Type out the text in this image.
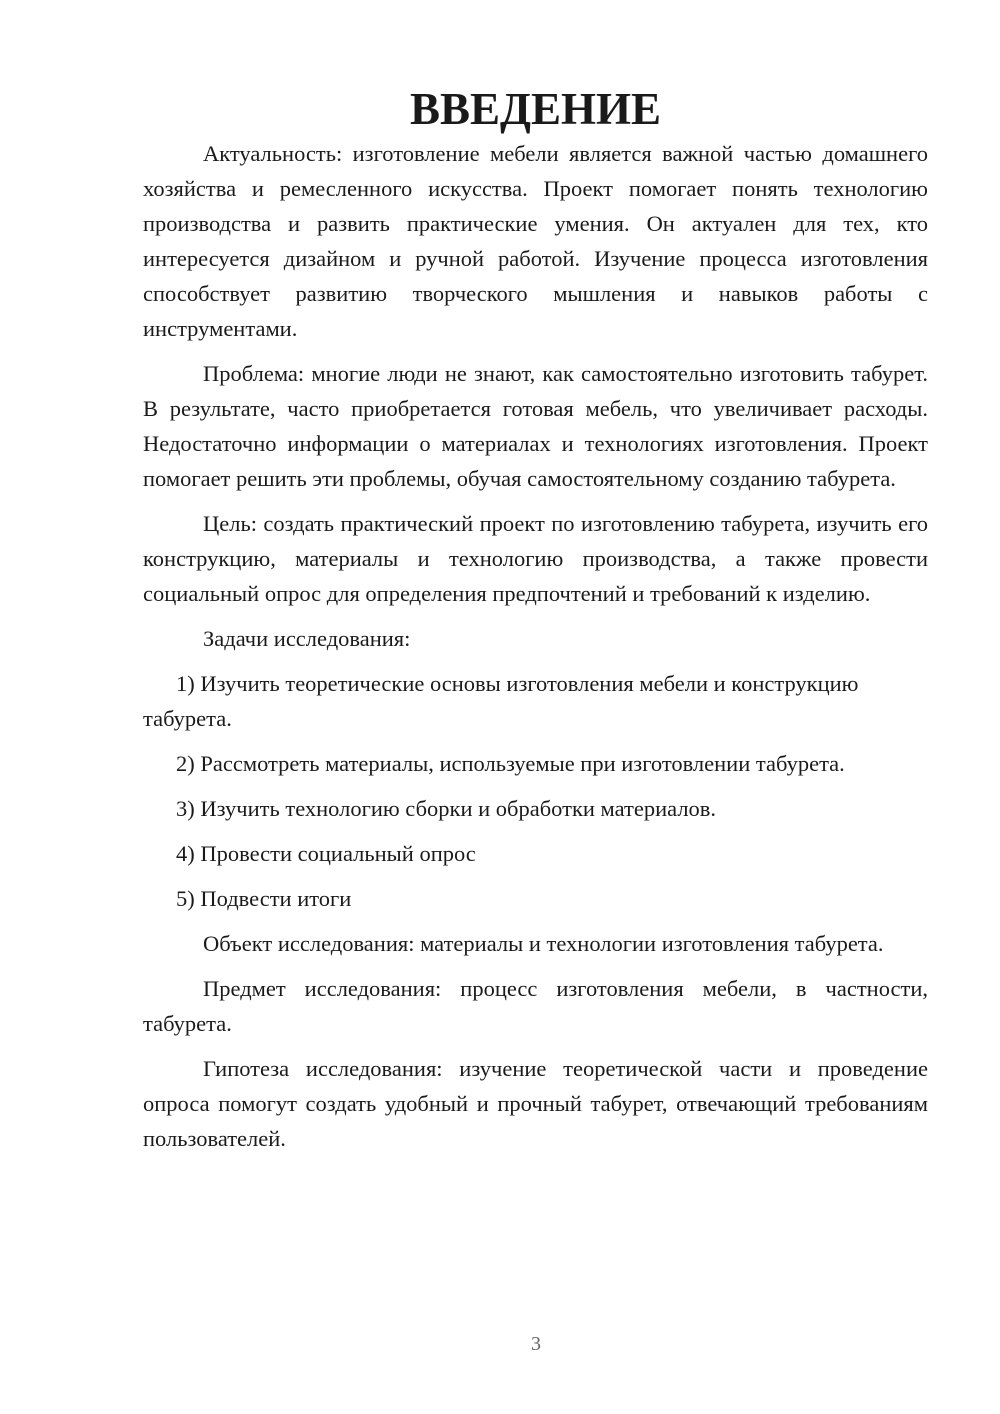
ВВЕДЕНИЕ

Актуальность: изготовление мебели является важной частью домашнего хозяйства и ремесленного искусства. Проект помогает понять технологию производства и развить практические умения. Он актуален для тех, кто интересуется дизайном и ручной работой. Изучение процесса изготовления способствует развитию творческого мышления и навыков работы с инструментами.

Проблема: многие люди не знают, как самостоятельно изготовить табурет. В результате, часто приобретается готовая мебель, что увеличивает расходы. Недостаточно информации о материалах и технологиях изготовления. Проект помогает решить эти проблемы, обучая самостоятельному созданию табурета.

Цель: создать практический проект по изготовлению табурета, изучить его конструкцию, материалы и технологию производства, а также провести социальный опрос для определения предпочтений и требований к изделию.

Задачи исследования:

1) Изучить теоретические основы изготовления мебели и конструкцию табурета.

2) Рассмотреть материалы, используемые при изготовлении табурета.

3) Изучить технологию сборки и обработки материалов.

4) Провести социальный опрос

5) Подвести итоги

Объект исследования: материалы и технологии изготовления табурета.

Предмет исследования: процесс изготовления мебели, в частности, табурета.

Гипотеза исследования: изучение теоретической части и проведение опроса помогут создать удобный и прочный табурет, отвечающий требованиям пользователей.

3
